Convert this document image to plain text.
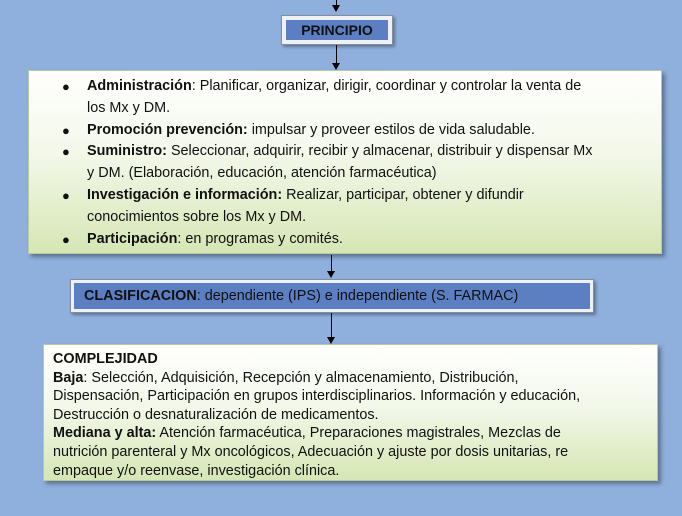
PRINCIPIO
● Administración: Planificar, organizar, dirigir, coordinar y controlar la venta de
los Mx y DM.
● Promoción prevención: impulsar y proveer estilos de vida saludable.
● Suministro: Seleccionar, adquirir, recibir y almacenar, distribuir y dispensar Mx
y DM. (Elaboración, educación, atención farmacéutica)
● Investigación e información: Realizar, participar, obtener y difundir
conocimientos sobre los Mx y DM.
● Participación: en programas y comités.
CLASIFICACION: dependiente (IPS) e independiente (S. FARMAC)
COMPLEJIDAD
Baja: Selección, Adquisición, Recepción y almacenamiento, Distribución,
Dispensación, Participación en grupos interdisciplinarios. Información y educación,
Destrucción o desnaturalización de medicamentos.
Mediana y alta: Atención farmacéutica, Preparaciones magistrales, Mezclas de
nutrición parenteral y Mx oncológicos, Adecuación y ajuste por dosis unitarias, re
empaque y/o reenvase, investigación clínica.
